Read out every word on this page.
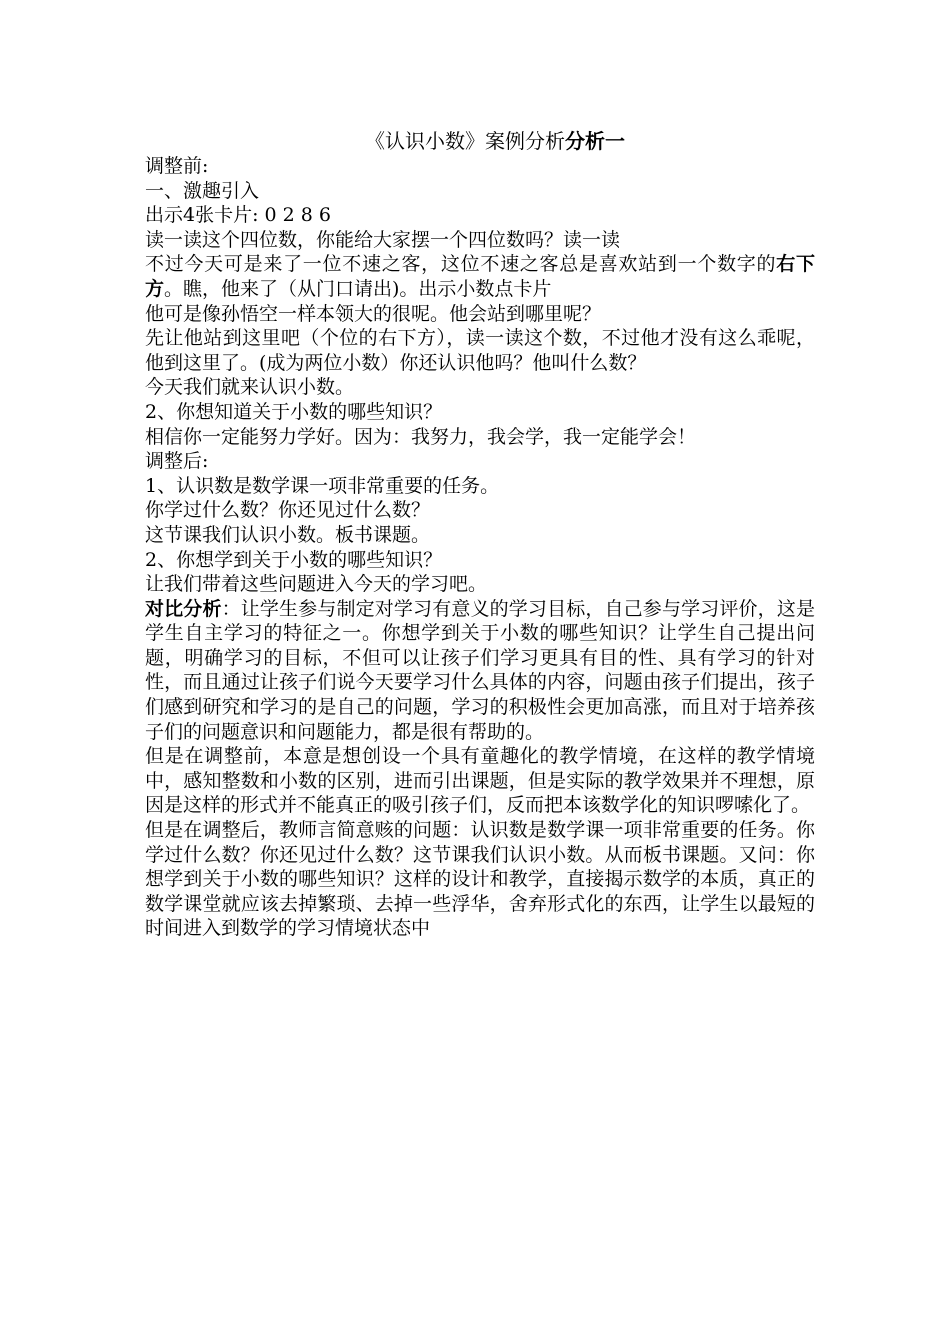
《认识小数》案例分析分析一

调整前:

一、激趣引入

出示4张卡片: 0 2 8 6

读一读这个四位数，你能给大家摆一个四位数吗？读一读

不过今天可是来了一位不速之客，这位不速之客总是喜欢站到一个数字的右下方。瞧，他来了（从门口请出)。出示小数点卡片

他可是像孙悟空一样本领大的很呢。他会站到哪里呢？

先让他站到这里吧（个位的右下方），读一读这个数，不过他才没有这么乖呢，他到这里了。(成为两位小数）你还认识他吗？他叫什么数？

今天我们就来认识小数。

2、你想知道关于小数的哪些知识？

相信你一定能努力学好。因为：我努力，我会学，我一定能学会！

调整后:

1、认识数是数学课一项非常重要的任务。

你学过什么数？你还见过什么数？

这节课我们认识小数。板书课题。

2、你想学到关于小数的哪些知识？

让我们带着这些问题进入今天的学习吧。

对比分析：让学生参与制定对学习有意义的学习目标，自己参与学习评价，这是学生自主学习的特征之一。你想学到关于小数的哪些知识？让学生自己提出问题，明确学习的目标，不但可以让孩子们学习更具有目的性、具有学习的针对性，而且通过让孩子们说今天要学习什么具体的内容，问题由孩子们提出，孩子们感到研究和学习的是自己的问题，学习的积极性会更加高涨，而且对于培养孩子们的问题意识和问题能力，都是很有帮助的。

但是在调整前，本意是想创设一个具有童趣化的教学情境，在这样的教学情境中，感知整数和小数的区别，进而引出课题，但是实际的教学效果并不理想，原因是这样的形式并不能真正的吸引孩子们，反而把本该数学化的知识啰嗦化了。

但是在调整后，教师言简意赅的问题：认识数是数学课一项非常重要的任务。你学过什么数？你还见过什么数？这节课我们认识小数。从而板书课题。又问：你想学到关于小数的哪些知识？这样的设计和教学，直接揭示数学的本质，真正的数学课堂就应该去掉繁琐、去掉一些浮华，舍弃形式化的东西，让学生以最短的时间进入到数学的学习情境状态中
